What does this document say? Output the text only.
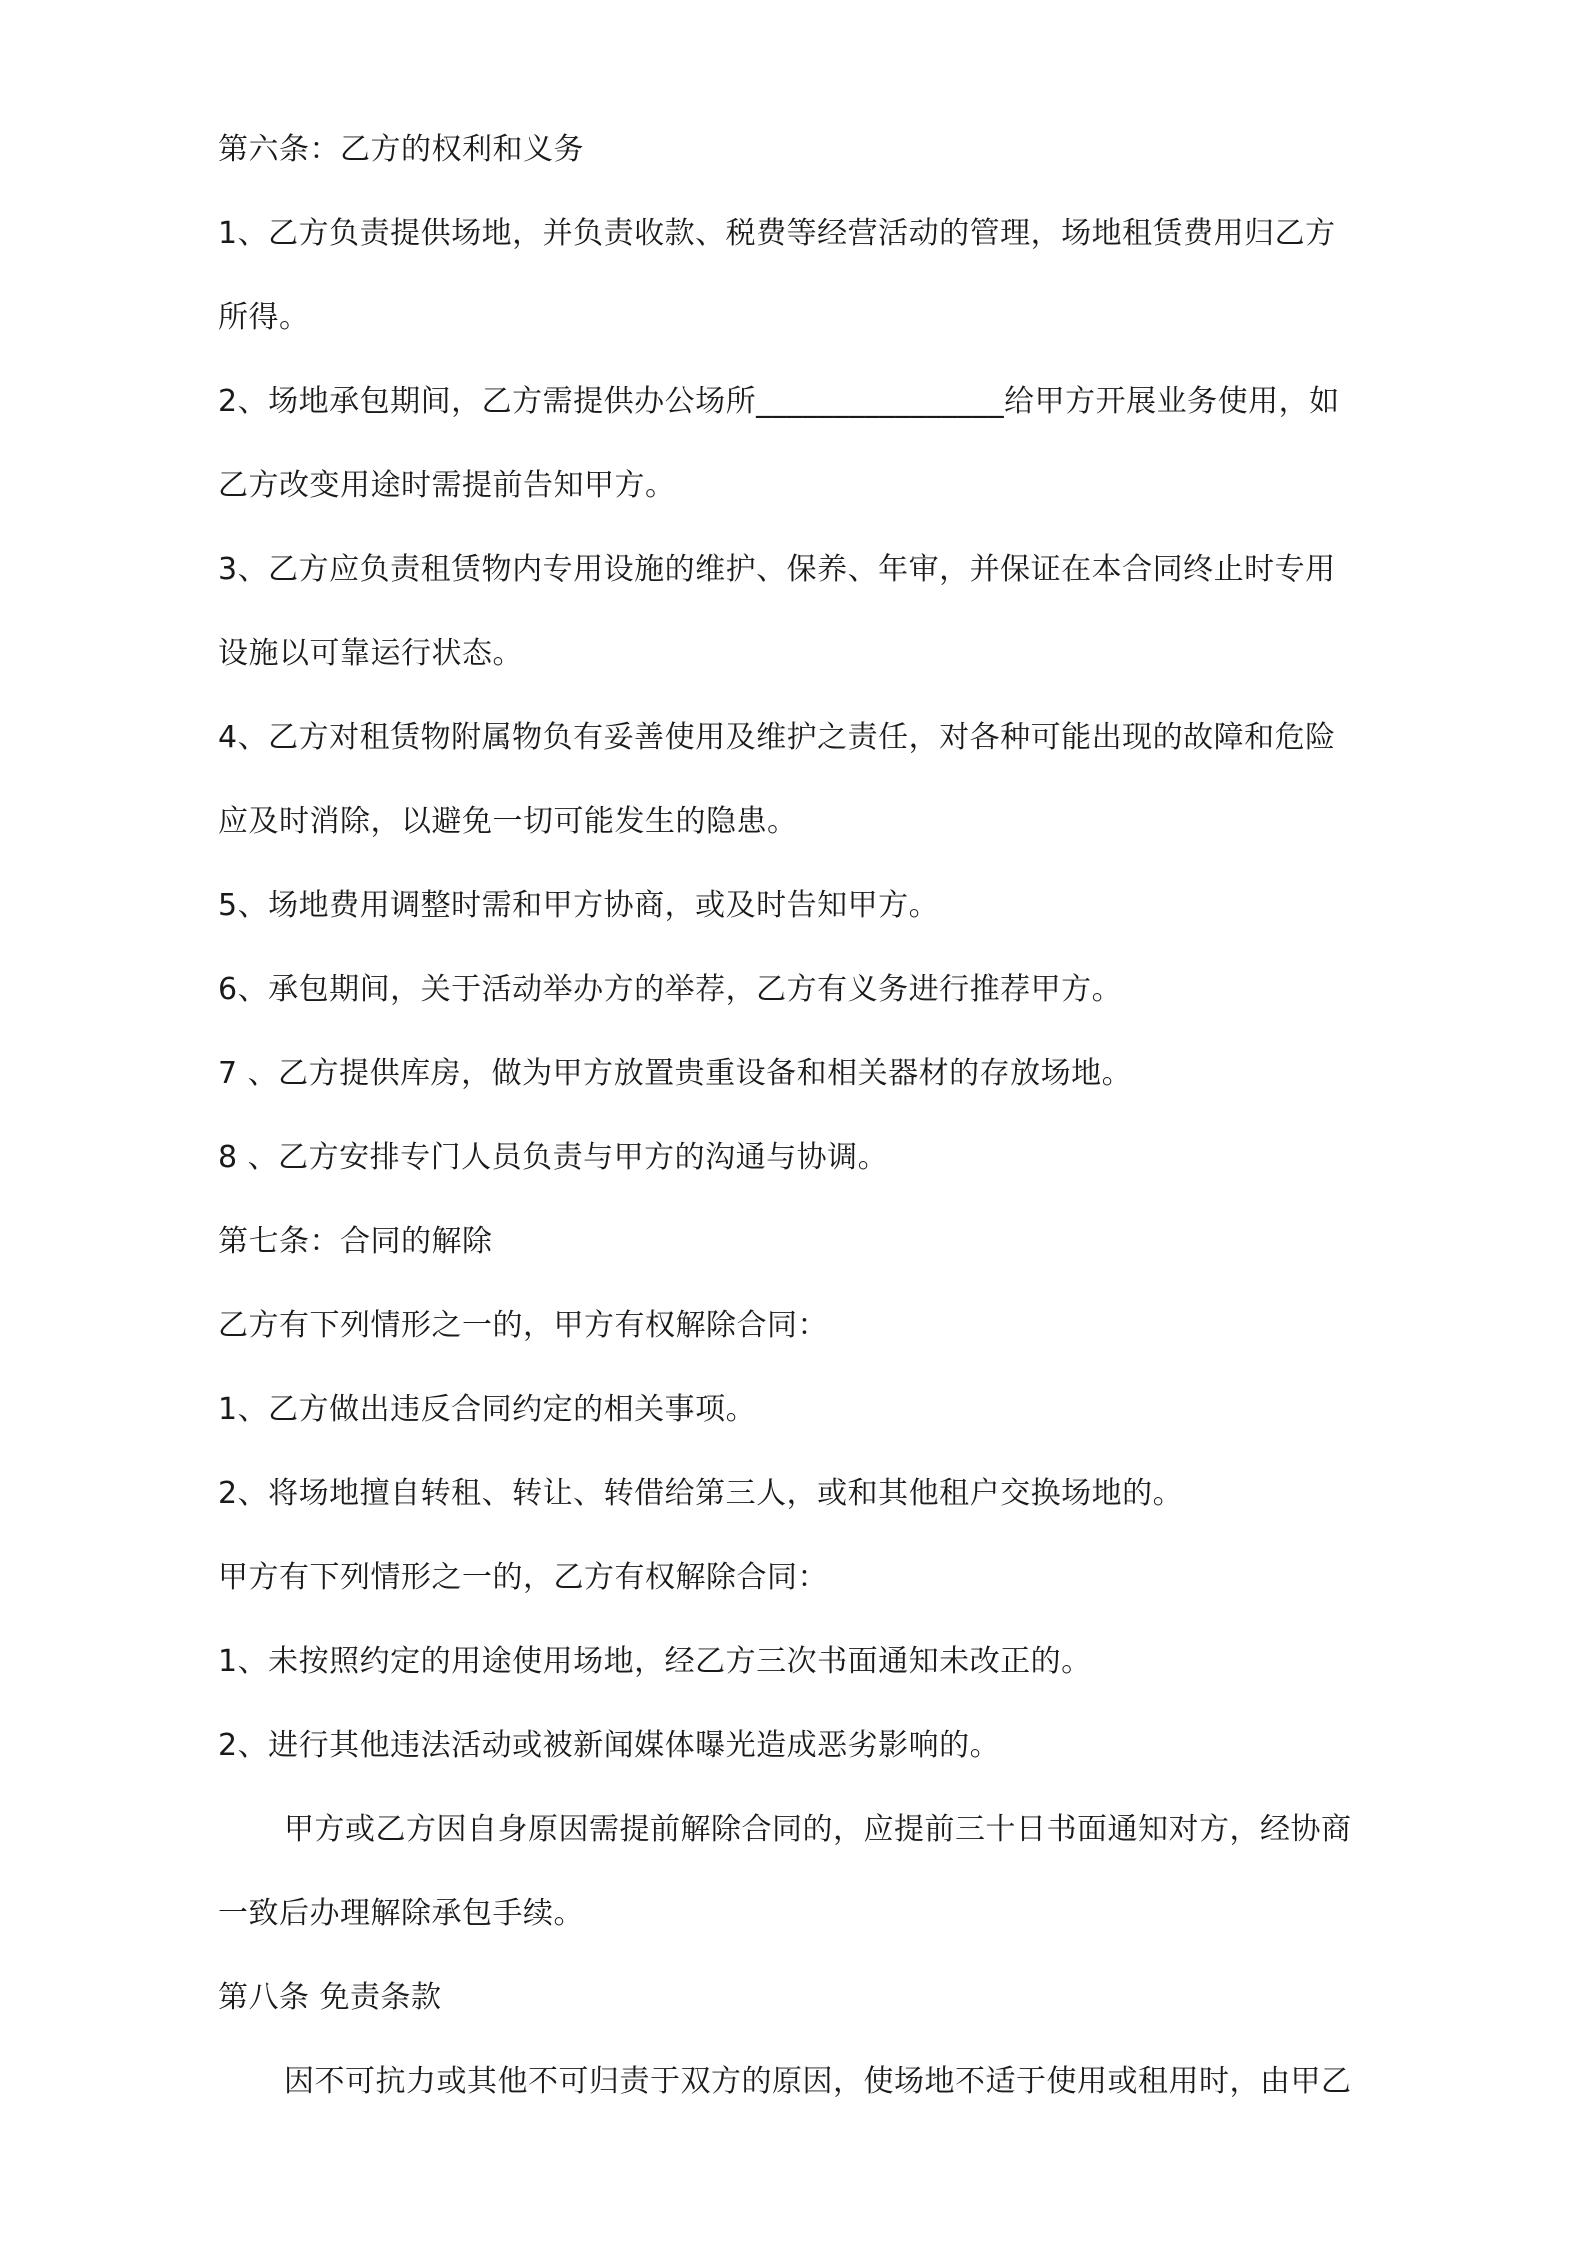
第六条：乙方的权利和义务
1、乙方负责提供场地，并负责收款、税费等经营活动的管理，场地租赁费用归乙方
所得。
2、场地承包期间，乙方需提供办公场所________________给甲方开展业务使用，如
乙方改变用途时需提前告知甲方。
3、乙方应负责租赁物内专用设施的维护、保养、年审，并保证在本合同终止时专用
设施以可靠运行状态。
4、乙方对租赁物附属物负有妥善使用及维护之责任，对各种可能出现的故障和危险
应及时消除，以避免一切可能发生的隐患。
5、场地费用调整时需和甲方协商，或及时告知甲方。
6、承包期间，关于活动举办方的举荐，乙方有义务进行推荐甲方。
7 、乙方提供库房，做为甲方放置贵重设备和相关器材的存放场地。
8 、乙方安排专门人员负责与甲方的沟通与协调。
第七条：合同的解除
乙方有下列情形之一的，甲方有权解除合同：
1、乙方做出违反合同约定的相关事项。
2、将场地擅自转租、转让、转借给第三人，或和其他租户交换场地的。
甲方有下列情形之一的，乙方有权解除合同：
1、未按照约定的用途使用场地，经乙方三次书面通知未改正的。
2、进行其他违法活动或被新闻媒体曝光造成恶劣影响的。
甲方或乙方因自身原因需提前解除合同的，应提前三十日书面通知对方，经协商
一致后办理解除承包手续。
第八条 免责条款
因不可抗力或其他不可归责于双方的原因，使场地不适于使用或租用时，由甲乙
